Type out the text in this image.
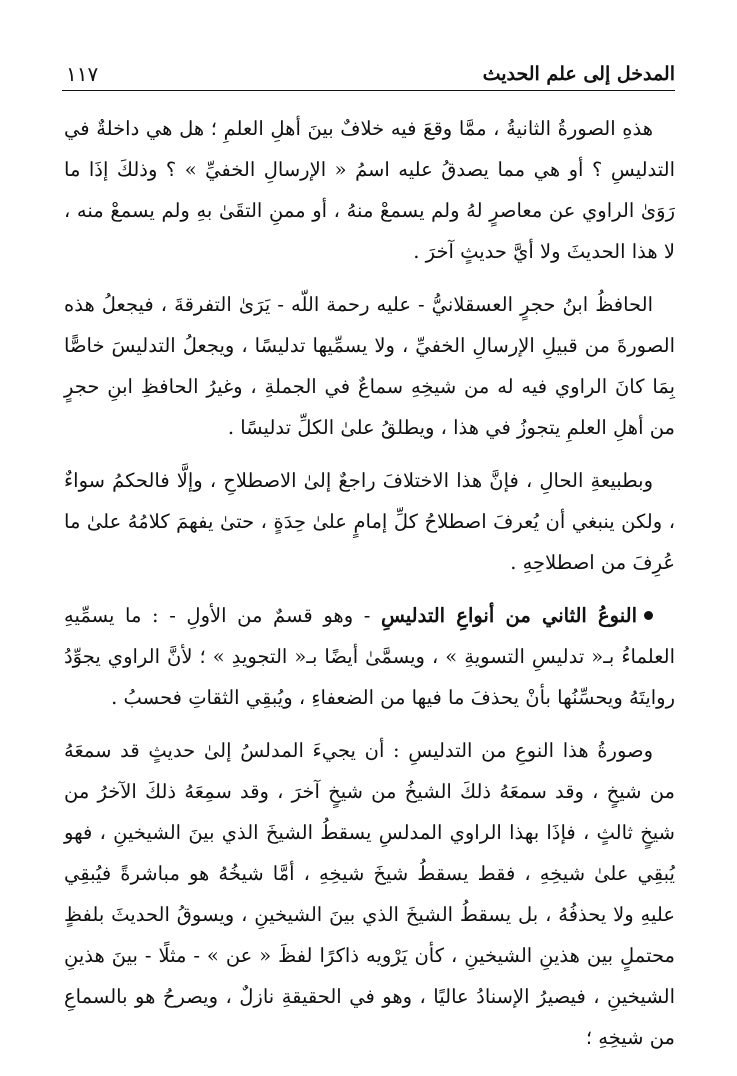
المدخل إلى علم الحديث
١١٧

هذهِ الصورةُ الثانيةُ ، ممَّا وقعَ فيه خلافٌ بينَ أهلِ العلمِ ؛ هل هي داخلةٌ في التدليسِ ؟ أو هي مما يصدقُ عليه اسمُ « الإرسالِ الخفيِّ » ؟ وذلكَ إذَا ما رَوَىٰ الراوي عن معاصرٍ لهُ ولم يسمعْ منهُ ، أو ممنِ التقَىٰ بهِ ولم يسمعْ منه ، لا هذا الحديثَ ولا أيَّ حديثٍ آخرَ .

الحافظُ ابنُ حجرٍ العسقلانيُّ - عليه رحمة اللّه - يَرَىٰ التفرقةَ ، فيجعلُ هذه الصورةَ من قبيلِ الإرسالِ الخفيِّ ، ولا يسمِّيها تدليسًا ، ويجعلُ التدليسَ خاصًّا بِمَا كانَ الراوي فيه له من شيخِهِ سماعٌ في الجملةِ ، وغيرُ الحافظِ ابنِ حجرٍ من أهلِ العلمِ يتجوزُ في هذا ، ويطلقُ علىٰ الكلِّ تدليسًا .

وبطبيعةِ الحالِ ، فإنَّ هذا الاختلافَ راجعٌ إلىٰ الاصطلاحِ ، وإلَّا فالحكمُ سواءٌ ، ولكن ينبغي أن يُعرفَ اصطلاحُ كلِّ إمامٍ علىٰ حِدَةٍ ، حتىٰ يفهمَ كلامُهُ علىٰ ما عُرِفَ من اصطلاحِهِ .

النوعُ الثاني من أنواعِ التدليسِ - وهو قسمٌ من الأولِ - : ما يسمِّيهِ العلماءُ بـ« تدليسِ التسويةِ » ، ويسمَّىٰ أيضًا بـ« التجويدِ » ؛ لأنَّ الراوي يجوِّدُ روايتَهُ ويحسِّنُها بأنْ يحذفَ ما فيها من الضعفاءِ ، ويُبقِي الثقاتِ فحسبُ .

وصورةُ هذا النوعِ من التدليسِ : أن يجيءَ المدلسُ إلىٰ حديثٍ قد سمعَهُ من شيخٍ ، وقد سمعَهُ ذلكَ الشيخُ من شيخٍ آخرَ ، وقد سمِعَهُ ذلكَ الآخرُ من شيخٍ ثالثٍ ، فإذَا بهذا الراوي المدلسِ يسقطُ الشيخَ الذي بينَ الشيخينِ ، فهو يُبقِي علىٰ شيخِهِ ، فقط يسقطُ شيخَ شيخِهِ ، أمَّا شيخُهُ هو مباشرةً فيُبقِي عليهِ ولا يحذفُهُ ، بل يسقطُ الشيخَ الذي بينَ الشيخينِ ، ويسوقُ الحديثَ بلفظٍ محتملٍ بين هذينِ الشيخينِ ، كأن يَرْويه ذاكرًا لفظَ « عن » - مثلًا - بينَ هذينِ الشيخينِ ، فيصيرُ الإسنادُ عاليًا ، وهو في الحقيقةِ نازلٌ ، ويصرحُ هو بالسماعِ من شيخِهِ ؛
